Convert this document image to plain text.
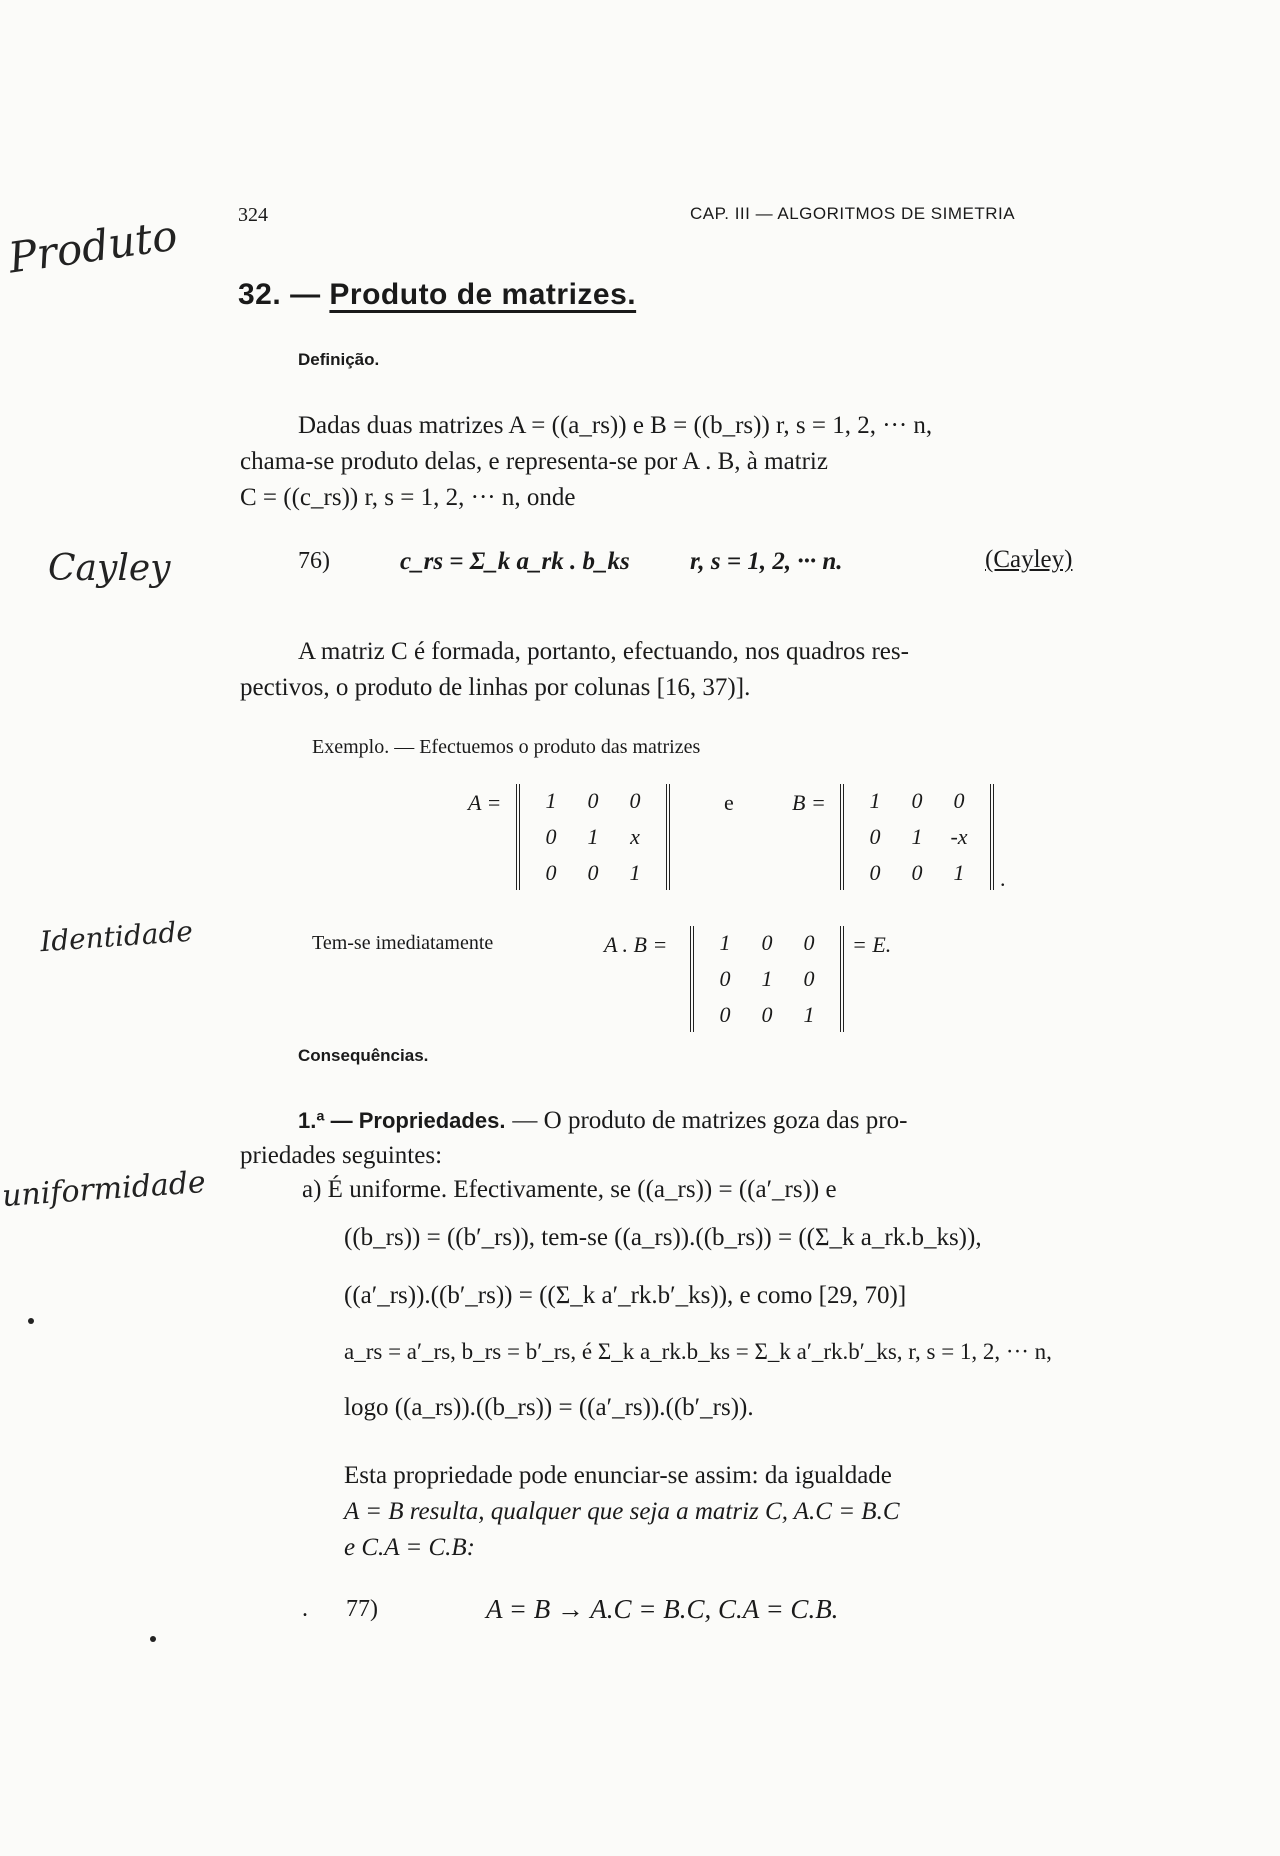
324	CAP. III — ALGORITMOS DE SIMETRIA
Produto
Cayley
Identidade
uniformidade
32. — Produto de matrizes.
Definição.
Dadas duas matrizes A = ((a_rs)) e B = ((b_rs)) r, s = 1, 2, ··· n,
chama-se produto delas, e representa-se por A . B, à matriz
C = ((c_rs)) r, s = 1, 2, ··· n, onde
76)	c_rs = Σ_k a_rk . b_ks r, s = 1, 2, ··· n.	(Cayley)
A matriz C é formada, portanto, efectuando, nos quadros res-
pectivos, o produto de linhas por colunas [16, 37)].
Exemplo. — Efectuemos o produto das matrizes
A =	1	0	0
0	1	x
0	0	1
e	B =	1	0	0
0	1	-x
0	0	1	.
Tem-se imediatamente	A . B =	1	0	0
0	1	0
0	0	1
= E.
Consequências.
1.ª — Propriedades. — O produto de matrizes goza das pro-
priedades seguintes:
a) É uniforme. Efectivamente, se ((a_rs)) = ((a′_rs)) e
((b_rs)) = ((b′_rs)), tem-se ((a_rs)).((b_rs)) = ((Σ_k a_rk.b_ks)),
((a′_rs)).((b′_rs)) = ((Σ_k a′_rk.b′_ks)), e como [29, 70)]
a_rs = a′_rs, b_rs = b′_rs, é Σ_k a_rk.b_ks = Σ_k a′_rk.b′_ks, r, s = 1, 2, ··· n,
logo ((a_rs)).((b_rs)) = ((a′_rs)).((b′_rs)).
Esta propriedade pode enunciar-se assim: da igualdade
A = B resulta, qualquer que seja a matriz C, A.C = B.C
e C.A = C.B:
. 77)	A = B → A.C = B.C, C.A = C.B.
